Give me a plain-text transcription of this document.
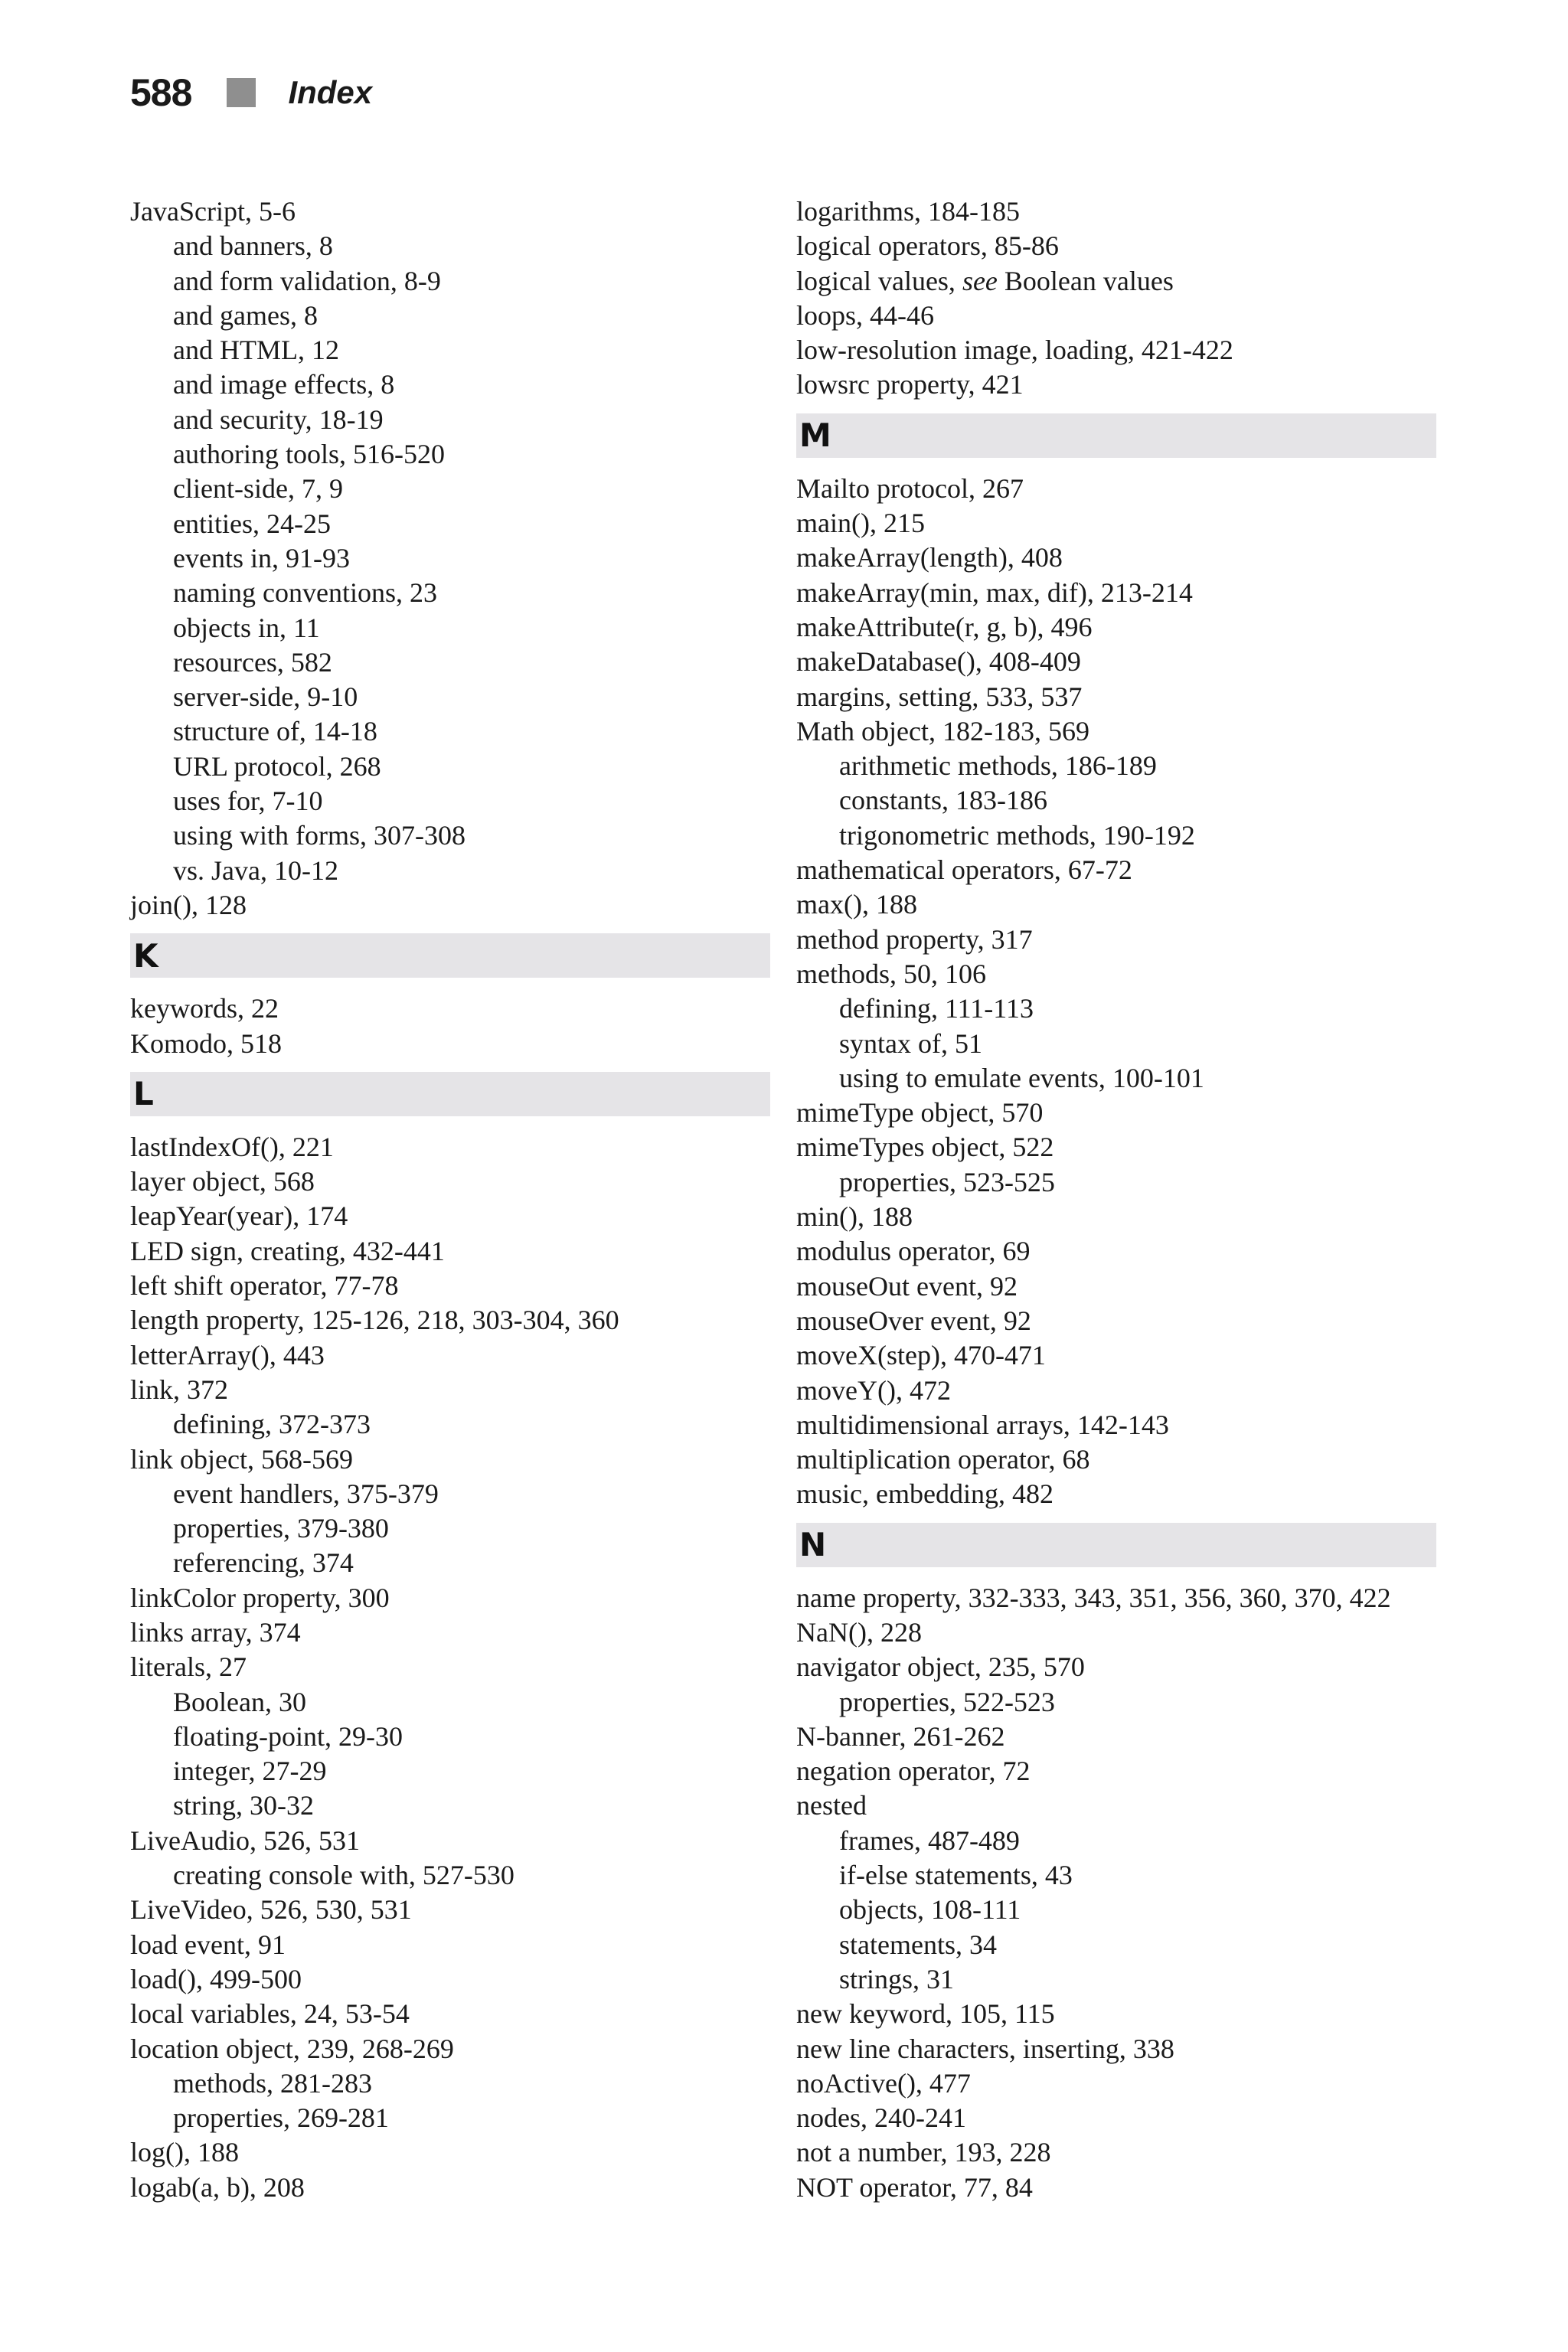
588	Index
JavaScript, 5-6
and banners, 8
and form validation, 8-9
and games, 8
and HTML, 12
and image effects, 8
and security, 18-19
authoring tools, 516-520
client-side, 7, 9
entities, 24-25
events in, 91-93
naming conventions, 23
objects in, 11
resources, 582
server-side, 9-10
structure of, 14-18
URL protocol, 268
uses for, 7-10
using with forms, 307-308
vs. Java, 10-12
join(), 128
K
keywords, 22
Komodo, 518
L
lastIndexOf(), 221
layer object, 568
leapYear(year), 174
LED sign, creating, 432-441
left shift operator, 77-78
length property, 125-126, 218, 303-304, 360
letterArray(), 443
link, 372
defining, 372-373
link object, 568-569
event handlers, 375-379
properties, 379-380
referencing, 374
linkColor property, 300
links array, 374
literals, 27
Boolean, 30
floating-point, 29-30
integer, 27-29
string, 30-32
LiveAudio, 526, 531
creating console with, 527-530
LiveVideo, 526, 530, 531
load event, 91
load(), 499-500
local variables, 24, 53-54
location object, 239, 268-269
methods, 281-283
properties, 269-281
log(), 188
logab(a, b), 208
logarithms, 184-185
logical operators, 85-86
logical values, see Boolean values
loops, 44-46
low-resolution image, loading, 421-422
lowsrc property, 421
M
Mailto protocol, 267
main(), 215
makeArray(length), 408
makeArray(min, max, dif), 213-214
makeAttribute(r, g, b), 496
makeDatabase(), 408-409
margins, setting, 533, 537
Math object, 182-183, 569
arithmetic methods, 186-189
constants, 183-186
trigonometric methods, 190-192
mathematical operators, 67-72
max(), 188
method property, 317
methods, 50, 106
defining, 111-113
syntax of, 51
using to emulate events, 100-101
mimeType object, 570
mimeTypes object, 522
properties, 523-525
min(), 188
modulus operator, 69
mouseOut event, 92
mouseOver event, 92
moveX(step), 470-471
moveY(), 472
multidimensional arrays, 142-143
multiplication operator, 68
music, embedding, 482
N
name property, 332-333, 343, 351, 356, 360, 370, 422
NaN(), 228
navigator object, 235, 570
properties, 522-523
N-banner, 261-262
negation operator, 72
nested
frames, 487-489
if-else statements, 43
objects, 108-111
statements, 34
strings, 31
new keyword, 105, 115
new line characters, inserting, 338
noActive(), 477
nodes, 240-241
not a number, 193, 228
NOT operator, 77, 84
